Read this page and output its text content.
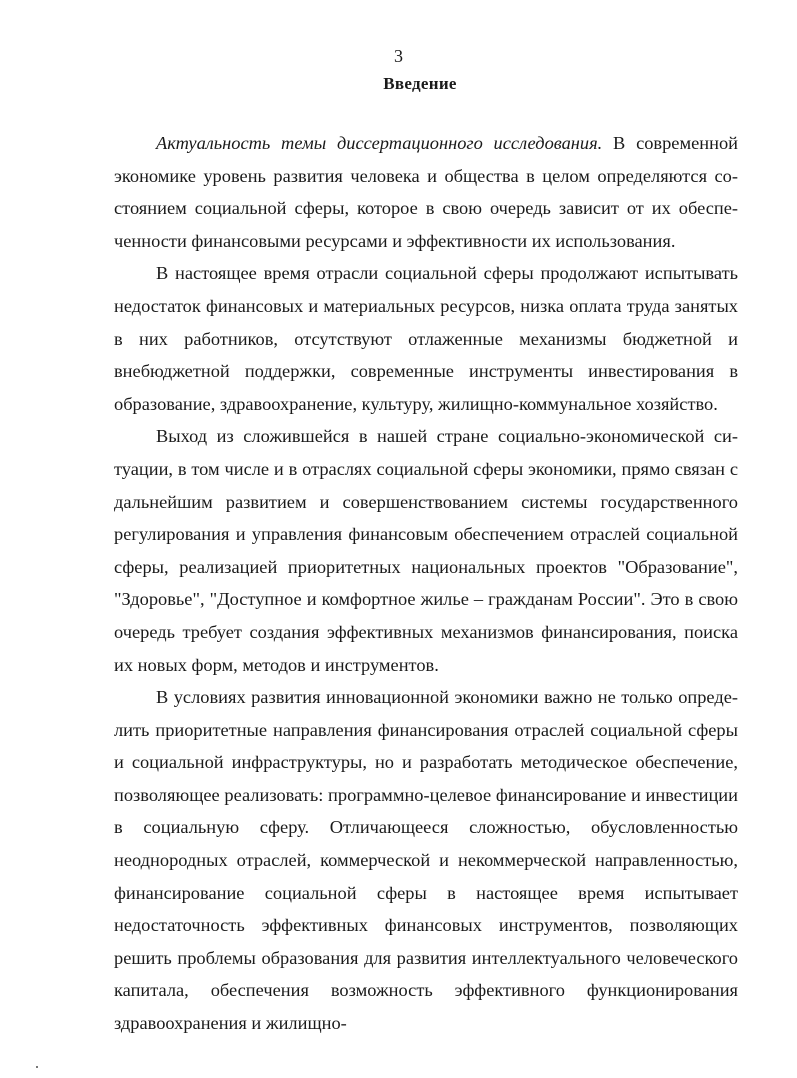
3
Введение

Актуальность темы диссертационного исследования. В современной экономике уровень развития человека и общества в целом определяются состоянием социальной сферы, которое в свою очередь зависит от их обеспеченности финансовыми ресурсами и эффективности их использования.

В настоящее время отрасли социальной сферы продолжают испытывать недостаток финансовых и материальных ресурсов, низка оплата труда занятых в них работников, отсутствуют отлаженные механизмы бюджетной и внебюджетной поддержки, современные инструменты инвестирования в образование, здравоохранение, культуру, жилищно-коммунальное хозяйство.

Выход из сложившейся в нашей стране социально-экономической ситуации, в том числе и в отраслях социальной сферы экономики, прямо связан с дальнейшим развитием и совершенствованием системы государственного регулирования и управления финансовым обеспечением отраслей социальной сферы, реализацией приоритетных национальных проектов "Образование", "Здоровье", "Доступное и комфортное жилье – гражданам России". Это в свою очередь требует создания эффективных механизмов финансирования, поиска их новых форм, методов и инструментов.

В условиях развития инновационной экономики важно не только определить приоритетные направления финансирования отраслей социальной сферы и социальной инфраструктуры, но и разработать методическое обеспечение, позволяющее реализовать: программно-целевое финансирование и инвестиции в социальную сферу. Отличающееся сложностью, обусловленностью неоднородных отраслей, коммерческой и некоммерческой направленностью, финансирование социальной сферы в настоящее время испытывает недостаточность эффективных финансовых инструментов, позволяющих решить проблемы образования для развития интеллектуального человеческого капитала, обеспечения возможность эффективного функционирования здравоохранения и жилищно-
